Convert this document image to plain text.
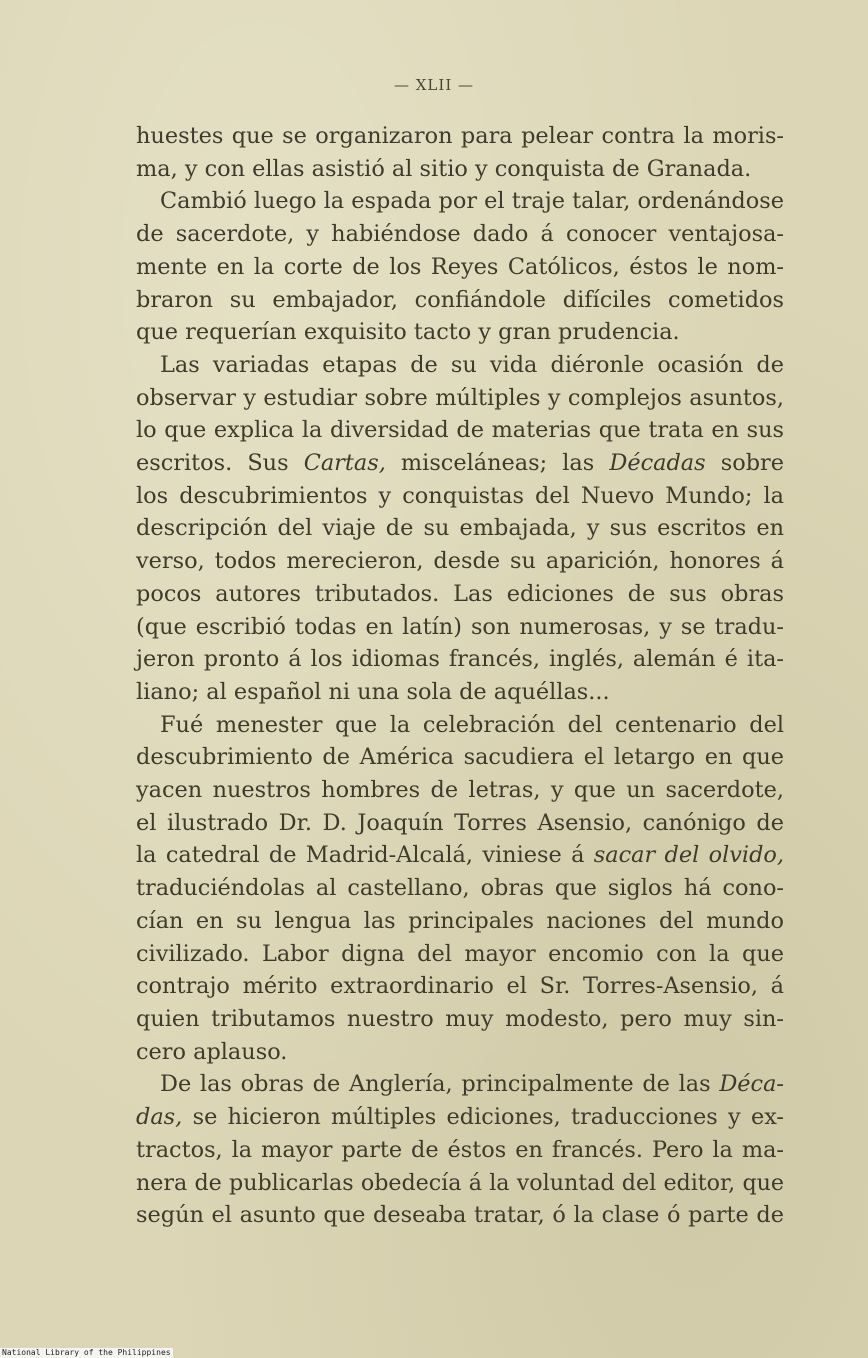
— XLII —
huestes que se organizaron para pelear contra la moris-
ma, y con ellas asistió al sitio y conquista de Granada.
Cambió luego la espada por el traje talar, ordenándose
de sacerdote, y habiéndose dado á conocer ventajosa-
mente en la corte de los Reyes Católicos, éstos le nom-
braron su embajador, confiándole difíciles cometidos
que requerían exquisito tacto y gran prudencia.
Las variadas etapas de su vida diéronle ocasión de
observar y estudiar sobre múltiples y complejos asuntos,
lo que explica la diversidad de materias que trata en sus
escritos. Sus Cartas, misceláneas; las Décadas sobre
los descubrimientos y conquistas del Nuevo Mundo; la
descripción del viaje de su embajada, y sus escritos en
verso, todos merecieron, desde su aparición, honores á
pocos autores tributados. Las ediciones de sus obras
(que escribió todas en latín) son numerosas, y se tradu-
jeron pronto á los idiomas francés, inglés, alemán é ita-
liano; al español ni una sola de aquéllas...
Fué menester que la celebración del centenario del
descubrimiento de América sacudiera el letargo en que
yacen nuestros hombres de letras, y que un sacerdote,
el ilustrado Dr. D. Joaquín Torres Asensio, canónigo de
la catedral de Madrid-Alcalá, viniese á sacar del olvido,
traduciéndolas al castellano, obras que siglos há cono-
cían en su lengua las principales naciones del mundo
civilizado. Labor digna del mayor encomio con la que
contrajo mérito extraordinario el Sr. Torres-Asensio, á
quien tributamos nuestro muy modesto, pero muy sin-
cero aplauso.
De las obras de Anglería, principalmente de las Déca-
das, se hicieron múltiples ediciones, traducciones y ex-
tractos, la mayor parte de éstos en francés. Pero la ma-
nera de publicarlas obedecía á la voluntad del editor, que
según el asunto que deseaba tratar, ó la clase ó parte de
National Library of the Philippines
